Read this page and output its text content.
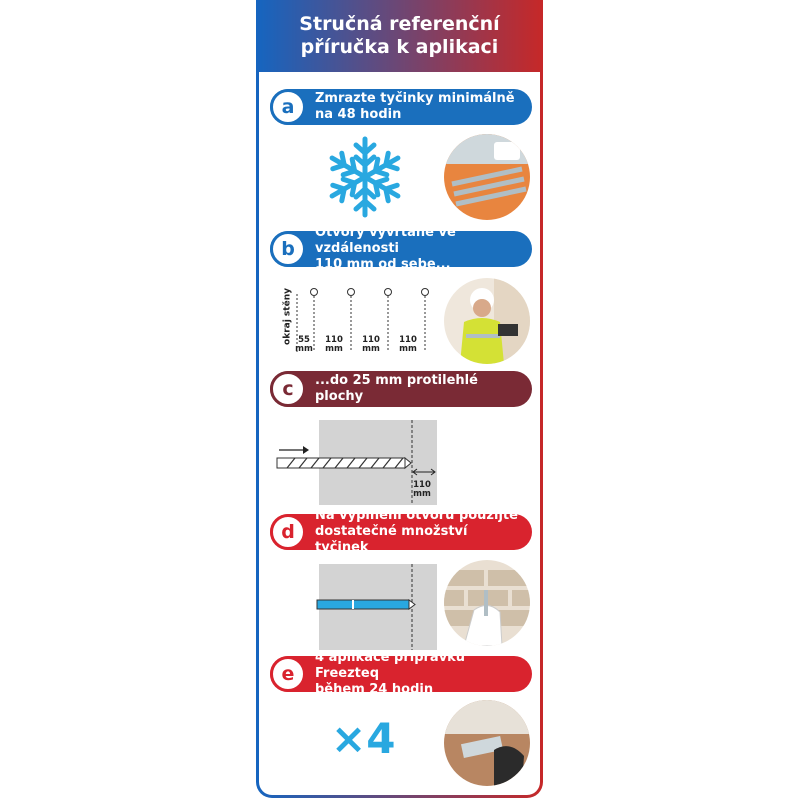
Stručná referenční
příručka k aplikaci
a	Zmrazte tyčinky minimálně
na 48 hodin
b
Otvory vyvrtané ve vzdálenosti
110 mm od sebe...
okraj stěny 55
mm
110
mm
110
mm
110
mm
c	...do 25 mm protilehlé plochy
110
mm
d
Na vyplnění otvoru použijte
dostatečné množství tyčinek
e
4 aplikace přípravku Freezteq
během 24 hodin
×4
